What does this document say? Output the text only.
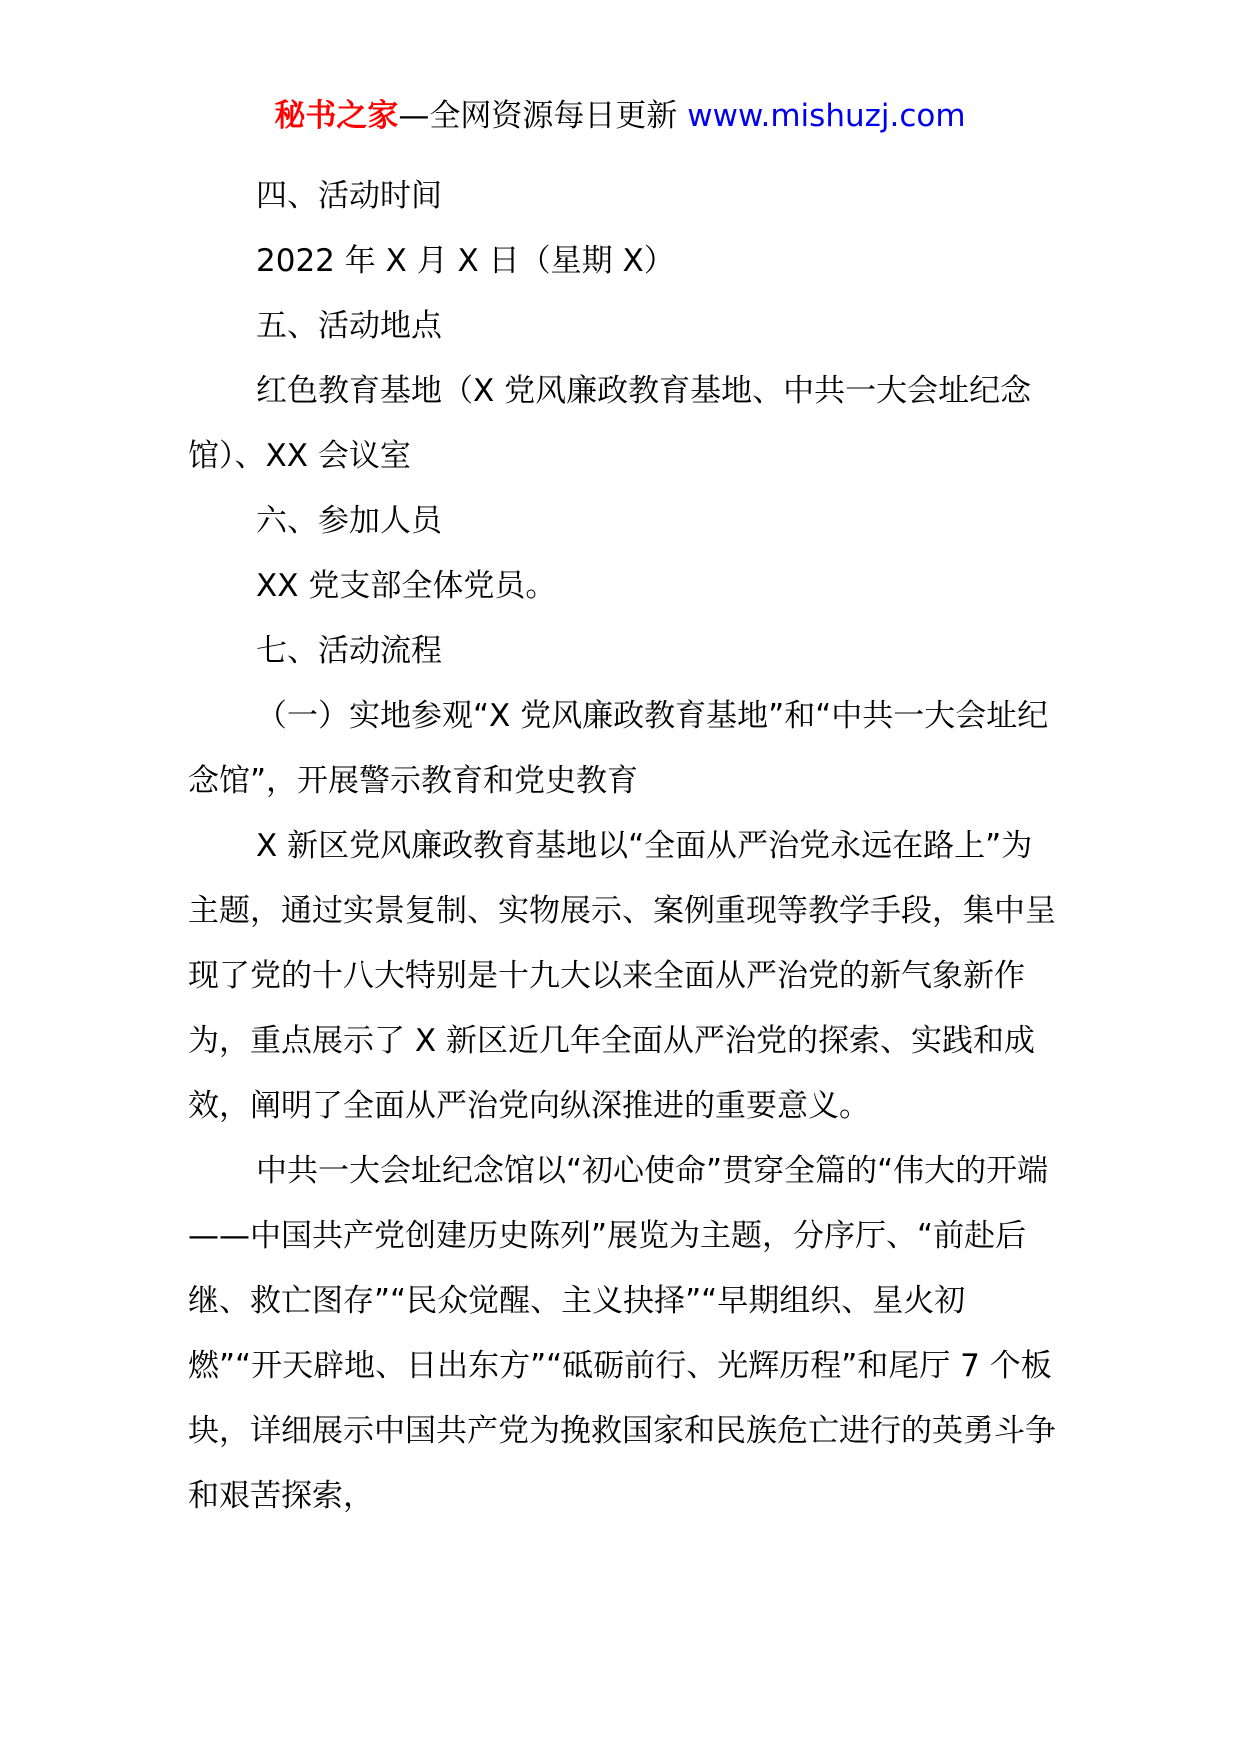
秘书之家—全网资源每日更新 www.mishuzj.com

四、活动时间

2022 年 X 月 X 日（星期 X）

五、活动地点

红色教育基地（X 党风廉政教育基地、中共一大会址纪念馆）、XX 会议室

六、参加人员

XX 党支部全体党员。

七、活动流程

（一）实地参观“X 党风廉政教育基地”和“中共一大会址纪念馆”，开展警示教育和党史教育

X 新区党风廉政教育基地以“全面从严治党永远在路上”为主题，通过实景复制、实物展示、案例重现等教学手段，集中呈现了党的十八大特别是十九大以来全面从严治党的新气象新作为，重点展示了 X 新区近几年全面从严治党的探索、实践和成效，阐明了全面从严治党向纵深推进的重要意义。

中共一大会址纪念馆以“初心使命”贯穿全篇的“伟大的开端——中国共产党创建历史陈列”展览为主题，分序厅、“前赴后继、救亡图存”“民众觉醒、主义抉择”“早期组织、星火初燃”“开天辟地、日出东方”“砥砺前行、光辉历程”和尾厅 7 个板块，详细展示中国共产党为挽救国家和民族危亡进行的英勇斗争和艰苦探索，
